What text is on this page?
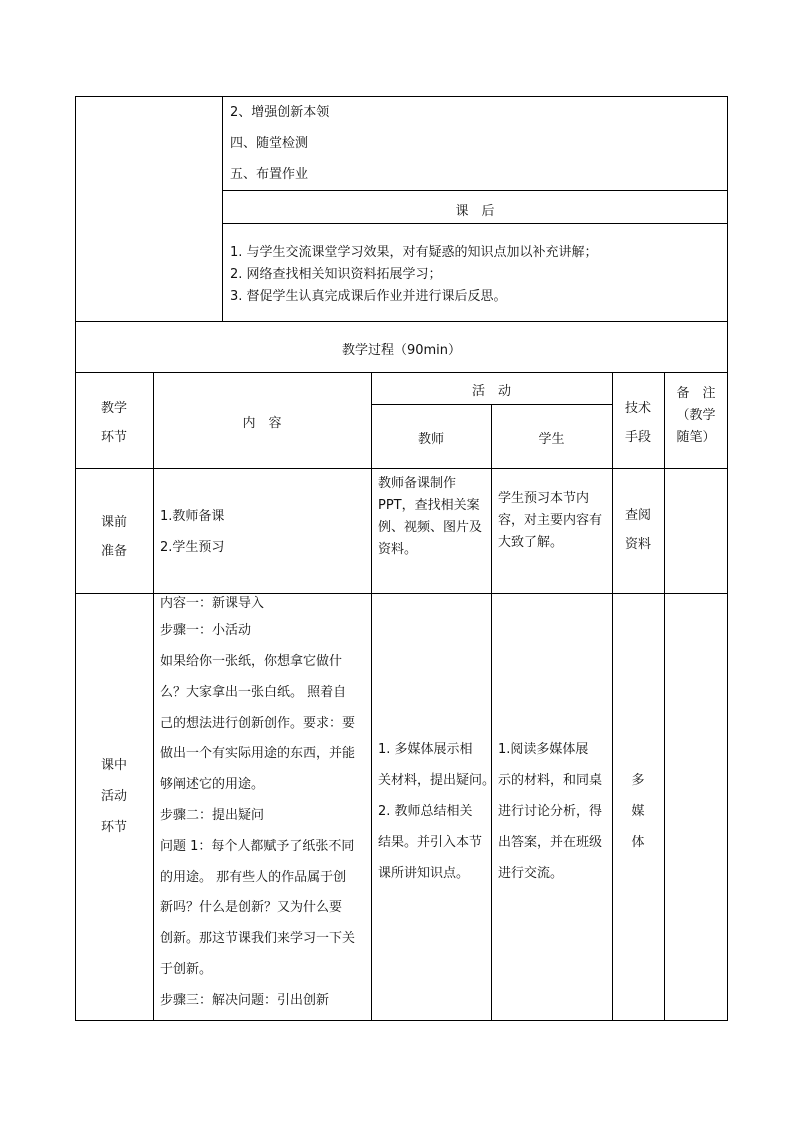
2、增强创新本领
四、随堂检测
五、布置作业
课　后
1. 与学生交流课堂学习效果，对有疑惑的知识点加以补充讲解；
2. 网络查找相关知识资料拓展学习；
3. 督促学生认真完成课后作业并进行课后反思。
教学过程（90min）
教学
环节
内　容
活　动
教师	学生
技术
手段
备　注
（教学
随笔）
课前
准备
1.教师备课
2.学生预习
教师备课制作
PPT，查找相关案
例、视频、图片及
资料。
学生预习本节内
容，对主要内容有
大致了解。
查阅
资料
课中
活动
环节
内容一：新课导入
步骤一：小活动
如果给你一张纸，你想拿它做什
么？大家拿出一张白纸。 照着自
己的想法进行创新创作。要求：要
做出一个有实际用途的东西，并能
够阐述它的用途。
步骤二：提出疑问
问题 1：每个人都赋予了纸张不同
的用途。 那有些人的作品属于创
新吗？什么是创新？又为什么要
创新。那这节课我们来学习一下关
于创新。
步骤三：解决问题：引出创新
1. 多媒体展示相
关材料，提出疑问。
2. 教师总结相关
结果。并引入本节
课所讲知识点。
1.阅读多媒体展
示的材料，和同桌
进行讨论分析，得
出答案，并在班级
进行交流。
多
媒
体
